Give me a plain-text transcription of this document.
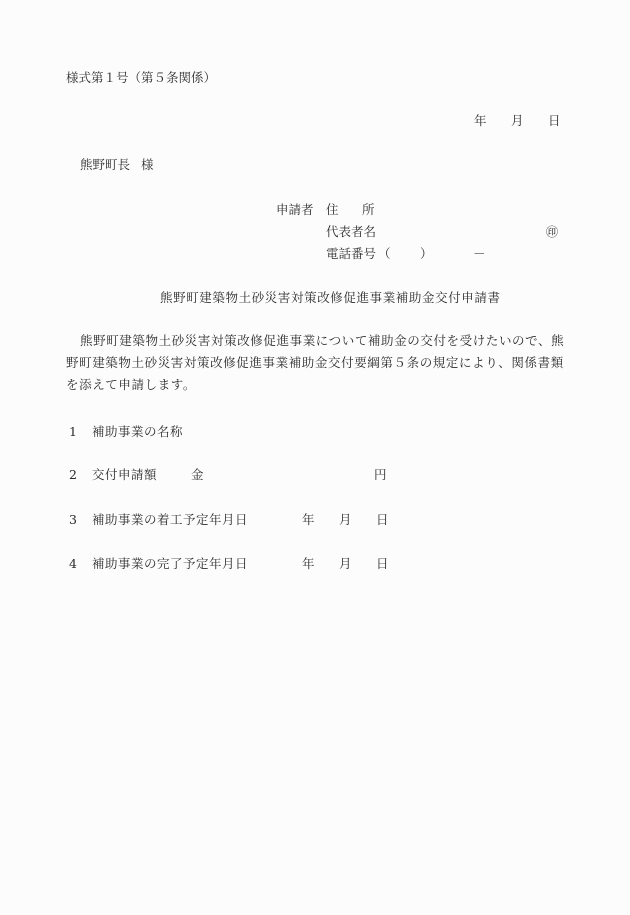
様式第１号（第５条関係）
年 月 日
熊野町長 様
申請者 住 所
代表者名	㊞
電話番号 （ ）	－
熊野町建築物土砂災害対策改修促進事業補助金交付申請書
熊野町建築物土砂災害対策改修促進事業について補助金の交付を受けたいので、熊野町建築物土砂災害対策改修促進事業補助金交付要綱第５条の規定により、関係書類を添えて申請します。
1 補助事業の名称
2 交付申請額	金	円
3 補助事業の着工予定年月日	年 月 日
4 補助事業の完了予定年月日	年 月 日
